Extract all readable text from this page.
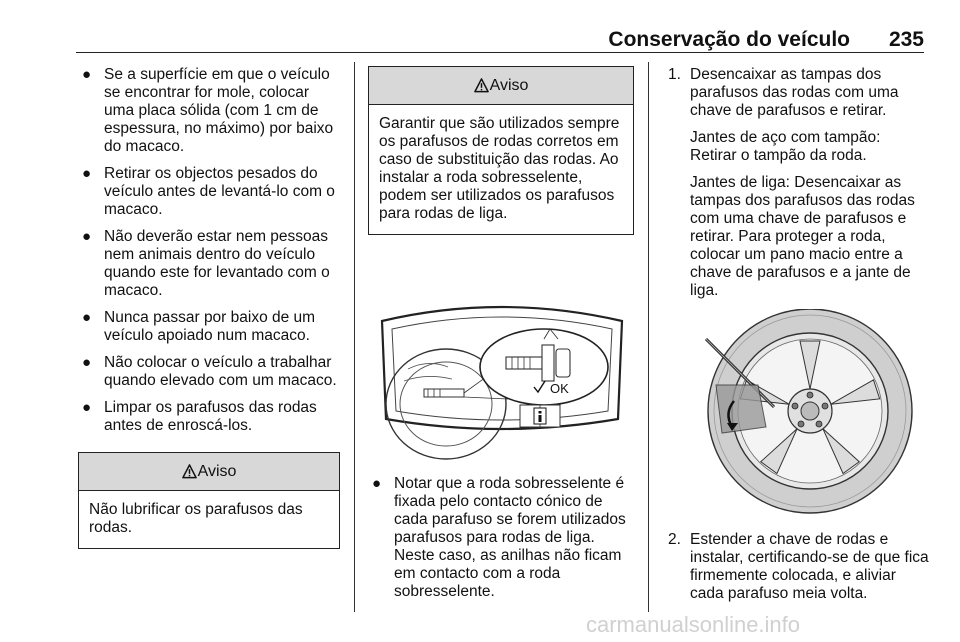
Conservação do veículo 235
● Se a superfície em que o veículo se encontrar for mole, colocar uma placa sólida (com 1 cm de espessura, no máximo) por baixo do macaco.
● Retirar os objectos pesados do veículo antes de levantá-lo com o macaco.
● Não deverão estar nem pessoas nem animais dentro do veículo quando este for levantado com o macaco.
● Nunca passar por baixo de um veículo apoiado num macaco.
● Não colocar o veículo a trabalhar quando elevado com um macaco.
● Limpar os parafusos das rodas antes de enroscá-los.
Aviso
Não lubrificar os parafusos das rodas.
Aviso
Garantir que são utilizados sempre os parafusos de rodas corretos em caso de substituição das rodas. Ao instalar a roda sobresselente, podem ser utilizados os parafusos para rodas de liga.
OK
● Notar que a roda sobresselente é fixada pelo contacto cónico de cada parafuso se forem utilizados parafusos para rodas de liga. Neste caso, as anilhas não ficam em contacto com a roda sobresselente.
1. Desencaixar as tampas dos parafusos das rodas com uma chave de parafusos e retirar.

Jantes de aço com tampão: Retirar o tampão da roda.

Jantes de liga: Desencaixar as tampas dos parafusos das rodas com uma chave de parafusos e retirar. Para proteger a roda, colocar um pano macio entre a chave de parafusos e a jante de liga.

2. Estender a chave de rodas e instalar, certificando-se de que fica firmemente colocada, e aliviar cada parafuso meia volta.

carmanualsonline.info
